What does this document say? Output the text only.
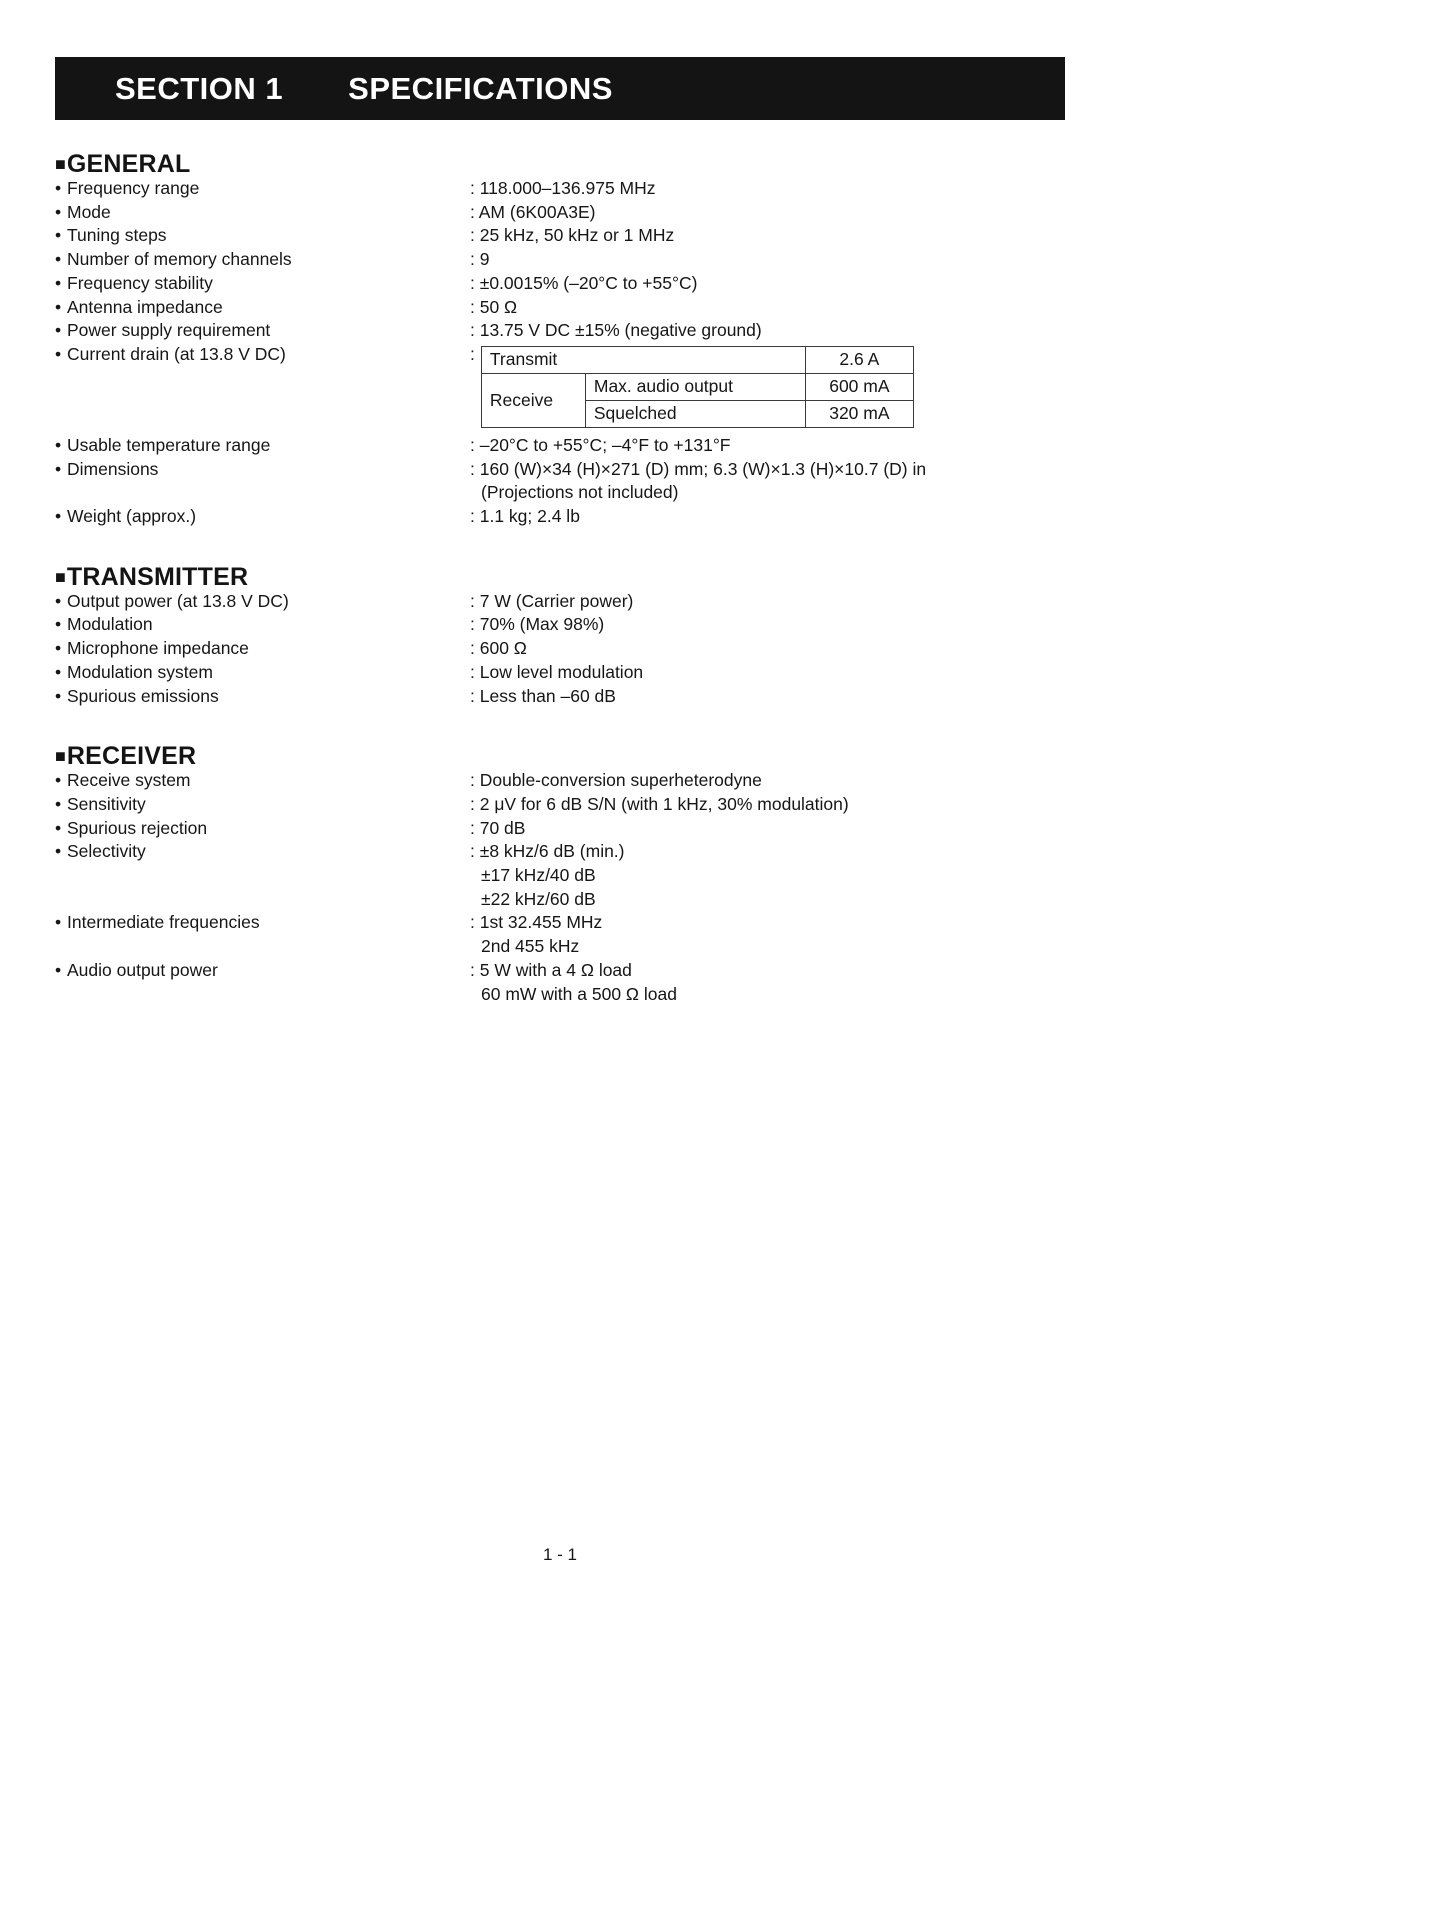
SECTION 1 SPECIFICATIONS
■ GENERAL
• Frequency range	: 118.000–136.975 MHz
• Mode	: AM (6K00A3E)
• Tuning steps	: 25 kHz, 50 kHz or 1 MHz
• Number of memory channels	: 9
• Frequency stability	: ±0.0015% (–20°C to +55°C)
• Antenna impedance	: 50 Ω
• Power supply requirement	: 13.75 V DC ±15% (negative ground)
• Current drain (at 13.8 V DC)	: Transmit		2.6 A
Receive	Max. audio output	600 mA
	Squelched	320 mA
• Usable temperature range	: –20°C to +55°C; –4°F to +131°F
• Dimensions	: 160 (W)×34 (H)×271 (D) mm; 6.3 (W)×1.3 (H)×10.7 (D) in
(Projections not included)
• Weight (approx.)	: 1.1 kg; 2.4 lb
■ TRANSMITTER
• Output power (at 13.8 V DC)	: 7 W (Carrier power)
• Modulation	: 70% (Max 98%)
• Microphone impedance	: 600 Ω
• Modulation system	: Low level modulation
• Spurious emissions	: Less than –60 dB
■ RECEIVER
• Receive system	: Double-conversion superheterodyne
• Sensitivity	: 2 μV for 6 dB S/N (with 1 kHz, 30% modulation)
• Spurious rejection	: 70 dB
• Selectivity	: ±8 kHz/6 dB (min.)
±17 kHz/40 dB
±22 kHz/60 dB
• Intermediate frequencies	: 1st 32.455 MHz
2nd 455 kHz
• Audio output power	: 5 W with a 4 Ω load
60 mW with a 500 Ω load
1 - 1
